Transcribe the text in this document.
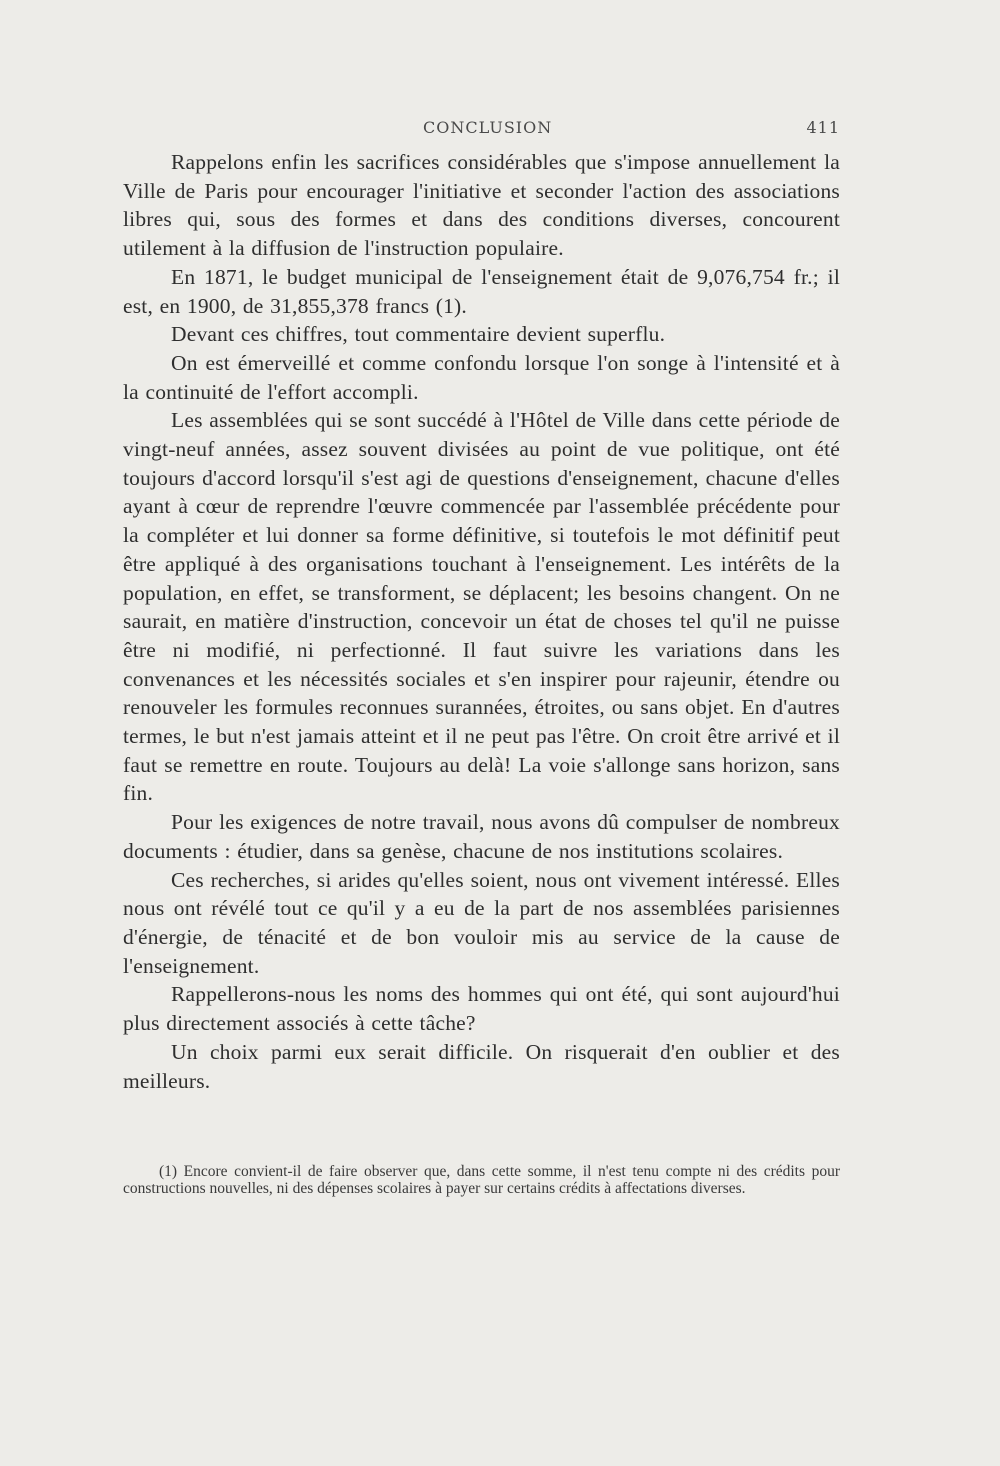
CONCLUSION	411

Rappelons enfin les sacrifices considérables que s'impose annuellement la Ville de Paris pour encourager l'initiative et seconder l'action des associations libres qui, sous des formes et dans des conditions diverses, concourent utilement à la diffusion de l'instruction populaire.

En 1871, le budget municipal de l'enseignement était de 9,076,754 fr.; il est, en 1900, de 31,855,378 francs (1).

Devant ces chiffres, tout commentaire devient superflu.

On est émerveillé et comme confondu lorsque l'on songe à l'intensité et à la continuité de l'effort accompli.

Les assemblées qui se sont succédé à l'Hôtel de Ville dans cette période de vingt-neuf années, assez souvent divisées au point de vue politique, ont été toujours d'accord lorsqu'il s'est agi de questions d'enseignement, chacune d'elles ayant à cœur de reprendre l'œuvre commencée par l'assemblée précédente pour la compléter et lui donner sa forme définitive, si toutefois le mot définitif peut être appliqué à des organisations touchant à l'enseignement. Les intérêts de la population, en effet, se transforment, se déplacent; les besoins changent. On ne saurait, en matière d'instruction, concevoir un état de choses tel qu'il ne puisse être ni modifié, ni perfectionné. Il faut suivre les variations dans les convenances et les nécessités sociales et s'en inspirer pour rajeunir, étendre ou renouveler les formules reconnues surannées, étroites, ou sans objet. En d'autres termes, le but n'est jamais atteint et il ne peut pas l'être. On croit être arrivé et il faut se remettre en route. Toujours au delà! La voie s'allonge sans horizon, sans fin.

Pour les exigences de notre travail, nous avons dû compulser de nombreux documents : étudier, dans sa genèse, chacune de nos institutions scolaires.

Ces recherches, si arides qu'elles soient, nous ont vivement intéressé. Elles nous ont révélé tout ce qu'il y a eu de la part de nos assemblées parisiennes d'énergie, de ténacité et de bon vouloir mis au service de la cause de l'enseignement.

Rappellerons-nous les noms des hommes qui ont été, qui sont aujourd'hui plus directement associés à cette tâche?

Un choix parmi eux serait difficile. On risquerait d'en oublier et des meilleurs.

(1) Encore convient-il de faire observer que, dans cette somme, il n'est tenu compte ni des crédits pour constructions nouvelles, ni des dépenses scolaires à payer sur certains crédits à affectations diverses.
